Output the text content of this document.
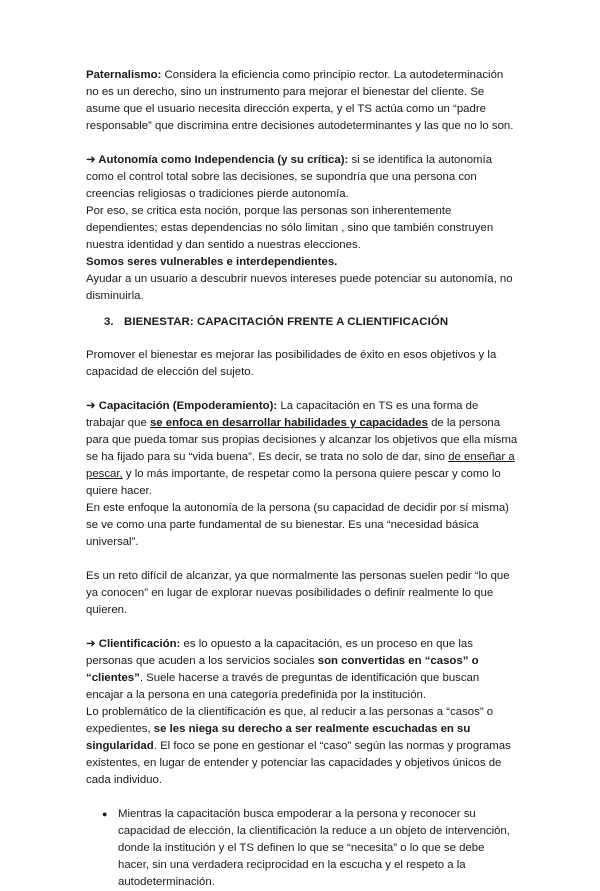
Paternalismo: Considera la eficiencia como principio rector. La autodeterminación no es un derecho, sino un instrumento para mejorar el bienestar del cliente. Se asume que el usuario necesita dirección experta, y el TS actúa como un “padre responsable” que discrimina entre decisiones autodeterminantes y las que no lo son.

➜ Autonomía como Independencia (y su crítica): si se identifica la autonomía como el control total sobre las decisiones, se supondría que una persona con creencias religiosas o tradiciones pierde autonomía.

Por eso, se critica esta noción, porque las personas son inherentemente dependientes; estas dependencias no sólo limitan , sino que también construyen nuestra identidad y dan sentido a nuestras elecciones.

Somos seres vulnerables e interdependientes.

Ayudar a un usuario a descubrir nuevos intereses puede potenciar su autonomía, no disminuirla.

3. BIENESTAR: CAPACITACIÓN FRENTE A CLIENTIFICACIÓN

Promover el bienestar es mejorar las posibilidades de éxito en esos objetivos y la capacidad de elección del sujeto.

➜ Capacitación (Empoderamiento): La capacitación en TS es una forma de trabajar que se enfoca en desarrollar habilidades y capacidades de la persona para que pueda tomar sus propias decisiones y alcanzar los objetivos que ella misma se ha fijado para su “vida buena”. Es decir, se trata no solo de dar, sino de enseñar a pescar, y lo más importante, de respetar como la persona quiere pescar y como lo quiere hacer.

En este enfoque la autonomía de la persona (su capacidad de decidir por sí misma) se ve como una parte fundamental de su bienestar. Es una “necesidad básica universal”.

Es un reto difícil de alcanzar, ya que normalmente las personas suelen pedir “lo que ya conocen” en lugar de explorar nuevas posibilidades o definir realmente lo que quieren.

➜ Clientificación: es lo opuesto a la capacitación, es un proceso en que las personas que acuden a los servicios sociales son convertidas en “casos” o “clientes”. Suele hacerse a través de preguntas de identificación que buscan encajar a la persona en una categoría predefinida por la institución.

Lo problemático de la clientificación es que, al reducir a las personas a “casos” o expedientes, se les niega su derecho a ser realmente escuchadas en su singularidad. El foco se pone en gestionar el “caso” según las normas y programas existentes, en lugar de entender y potenciar las capacidades y objetivos únicos de cada individuo.

● Mientras la capacitación busca empoderar a la persona y reconocer su capacidad de elección, la clientificación la reduce a un objeto de intervención, donde la institución y el TS definen lo que se “necesita” o lo que se debe hacer, sin una verdadera reciprocidad en la escucha y el respeto a la autodeterminación.
